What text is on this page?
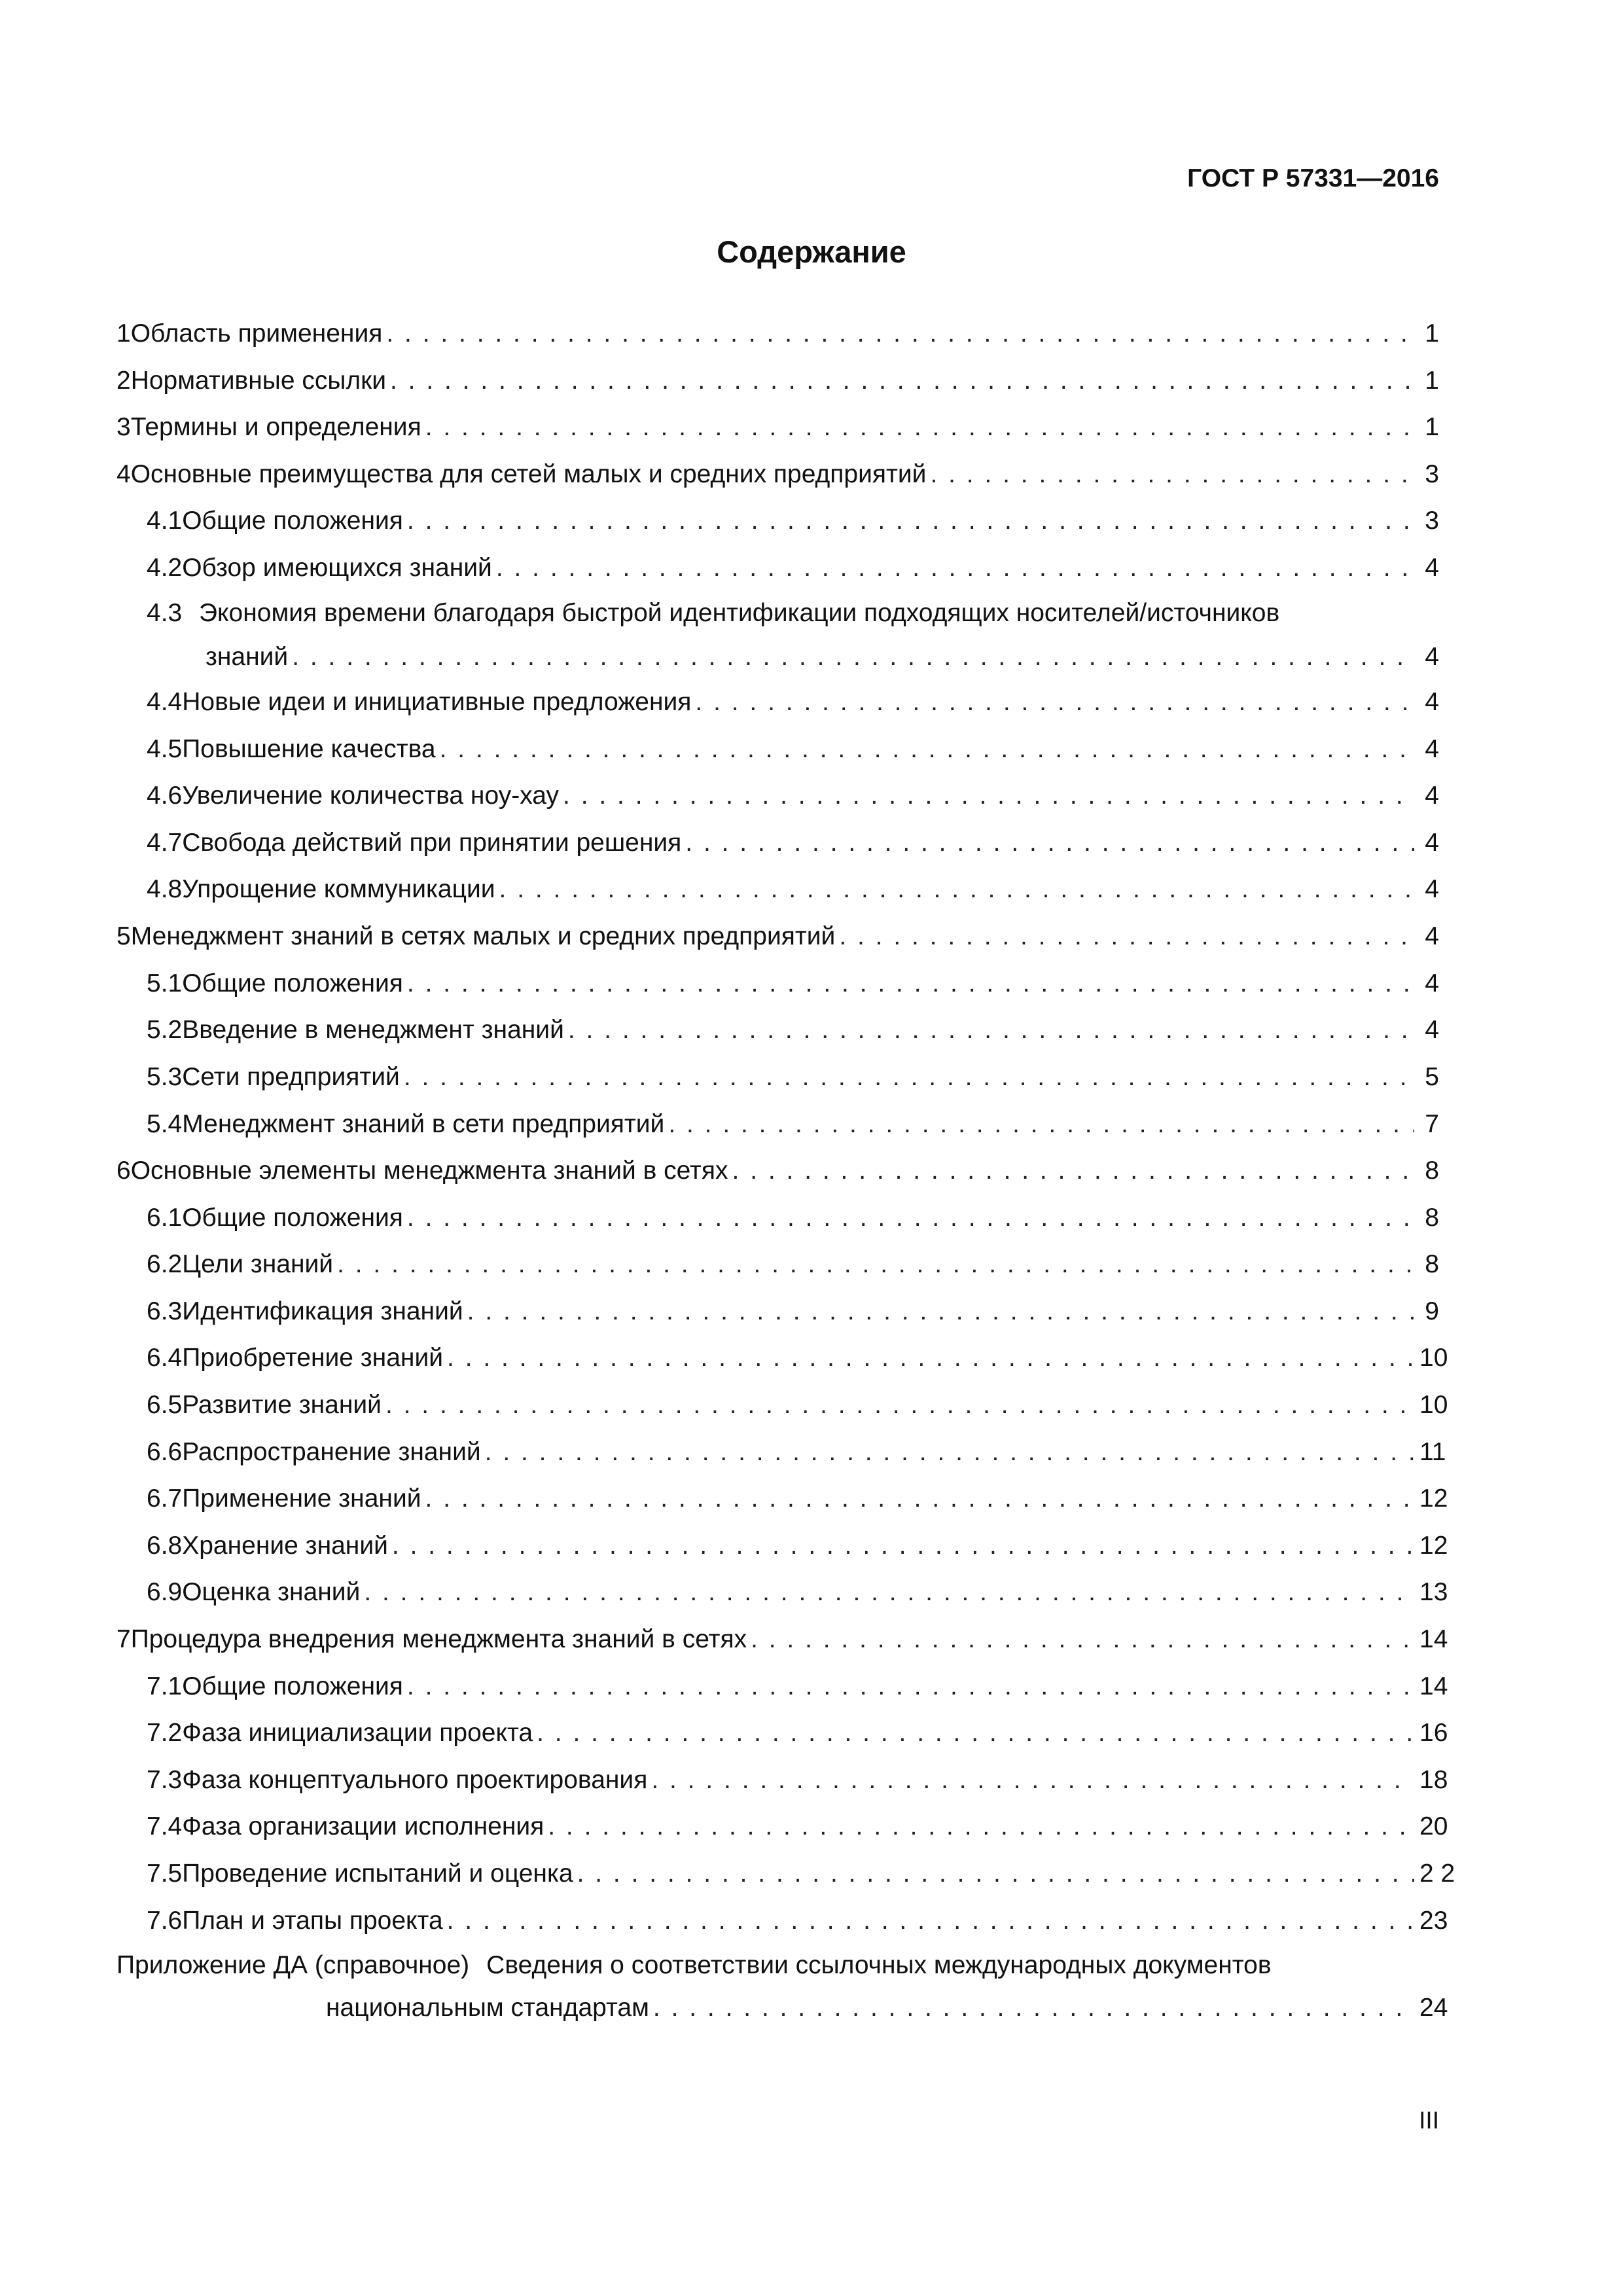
ГОСТ Р 57331—2016
Содержание
1 Область применения . . .	1
2 Нормативные ссылки . . .	1
3 Термины и определения . . .	1
4 Основные преимущества для сетей малых и средних предприятий . . .	3
4.1 Общие положения . . .	3
4.2 Обзор имеющихся знаний . . .	4
4.3 Экономия времени благодаря быстрой идентификации подходящих носителей/источников
знаний . . .	4
4.4 Новые идеи и инициативные предложения . . .	4
4.5 Повышение качества . . .	4
4.6 Увеличение количества ноу-хау . . .	4
4.7 Свобода действий при принятии решения . . .	4
4.8 Упрощение коммуникации . . .	4
5 Менеджмент знаний в сетях малых и средних предприятий . . .	4
5.1 Общие положения . . .	4
5.2 Введение в менеджмент знаний . . .	4
5.3 Сети предприятий . . .	5
5.4 Менеджмент знаний в сети предприятий . . .	7
6 Основные элементы менеджмента знаний в сетях . . .	8
6.1 Общие положения . . .	8
6.2 Цели знаний . . .	8
6.3 Идентификация знаний . . .	9
6.4 Приобретение знаний . . .	10
6.5 Развитие знаний . . .	10
6.6 Распространение знаний . . .	11
6.7 Применение знаний . . .	12
6.8 Хранение знаний . . .	12
6.9 Оценка знаний . . .	13
7 Процедура внедрения менеджмента знаний в сетях . . .	14
7.1 Общие положения . . .	14
7.2 Фаза инициализации проекта . . .	16
7.3 Фаза концептуального проектирования . . .	18
7.4 Фаза организации исполнения . . .	20
7.5 Проведение испытаний и оценка . . .	2 2
7.6 План и этапы проекта . . .	23
Приложение ДА (справочное) Сведения о соответствии ссылочных международных документов
национальным стандартам . . .	24
III
